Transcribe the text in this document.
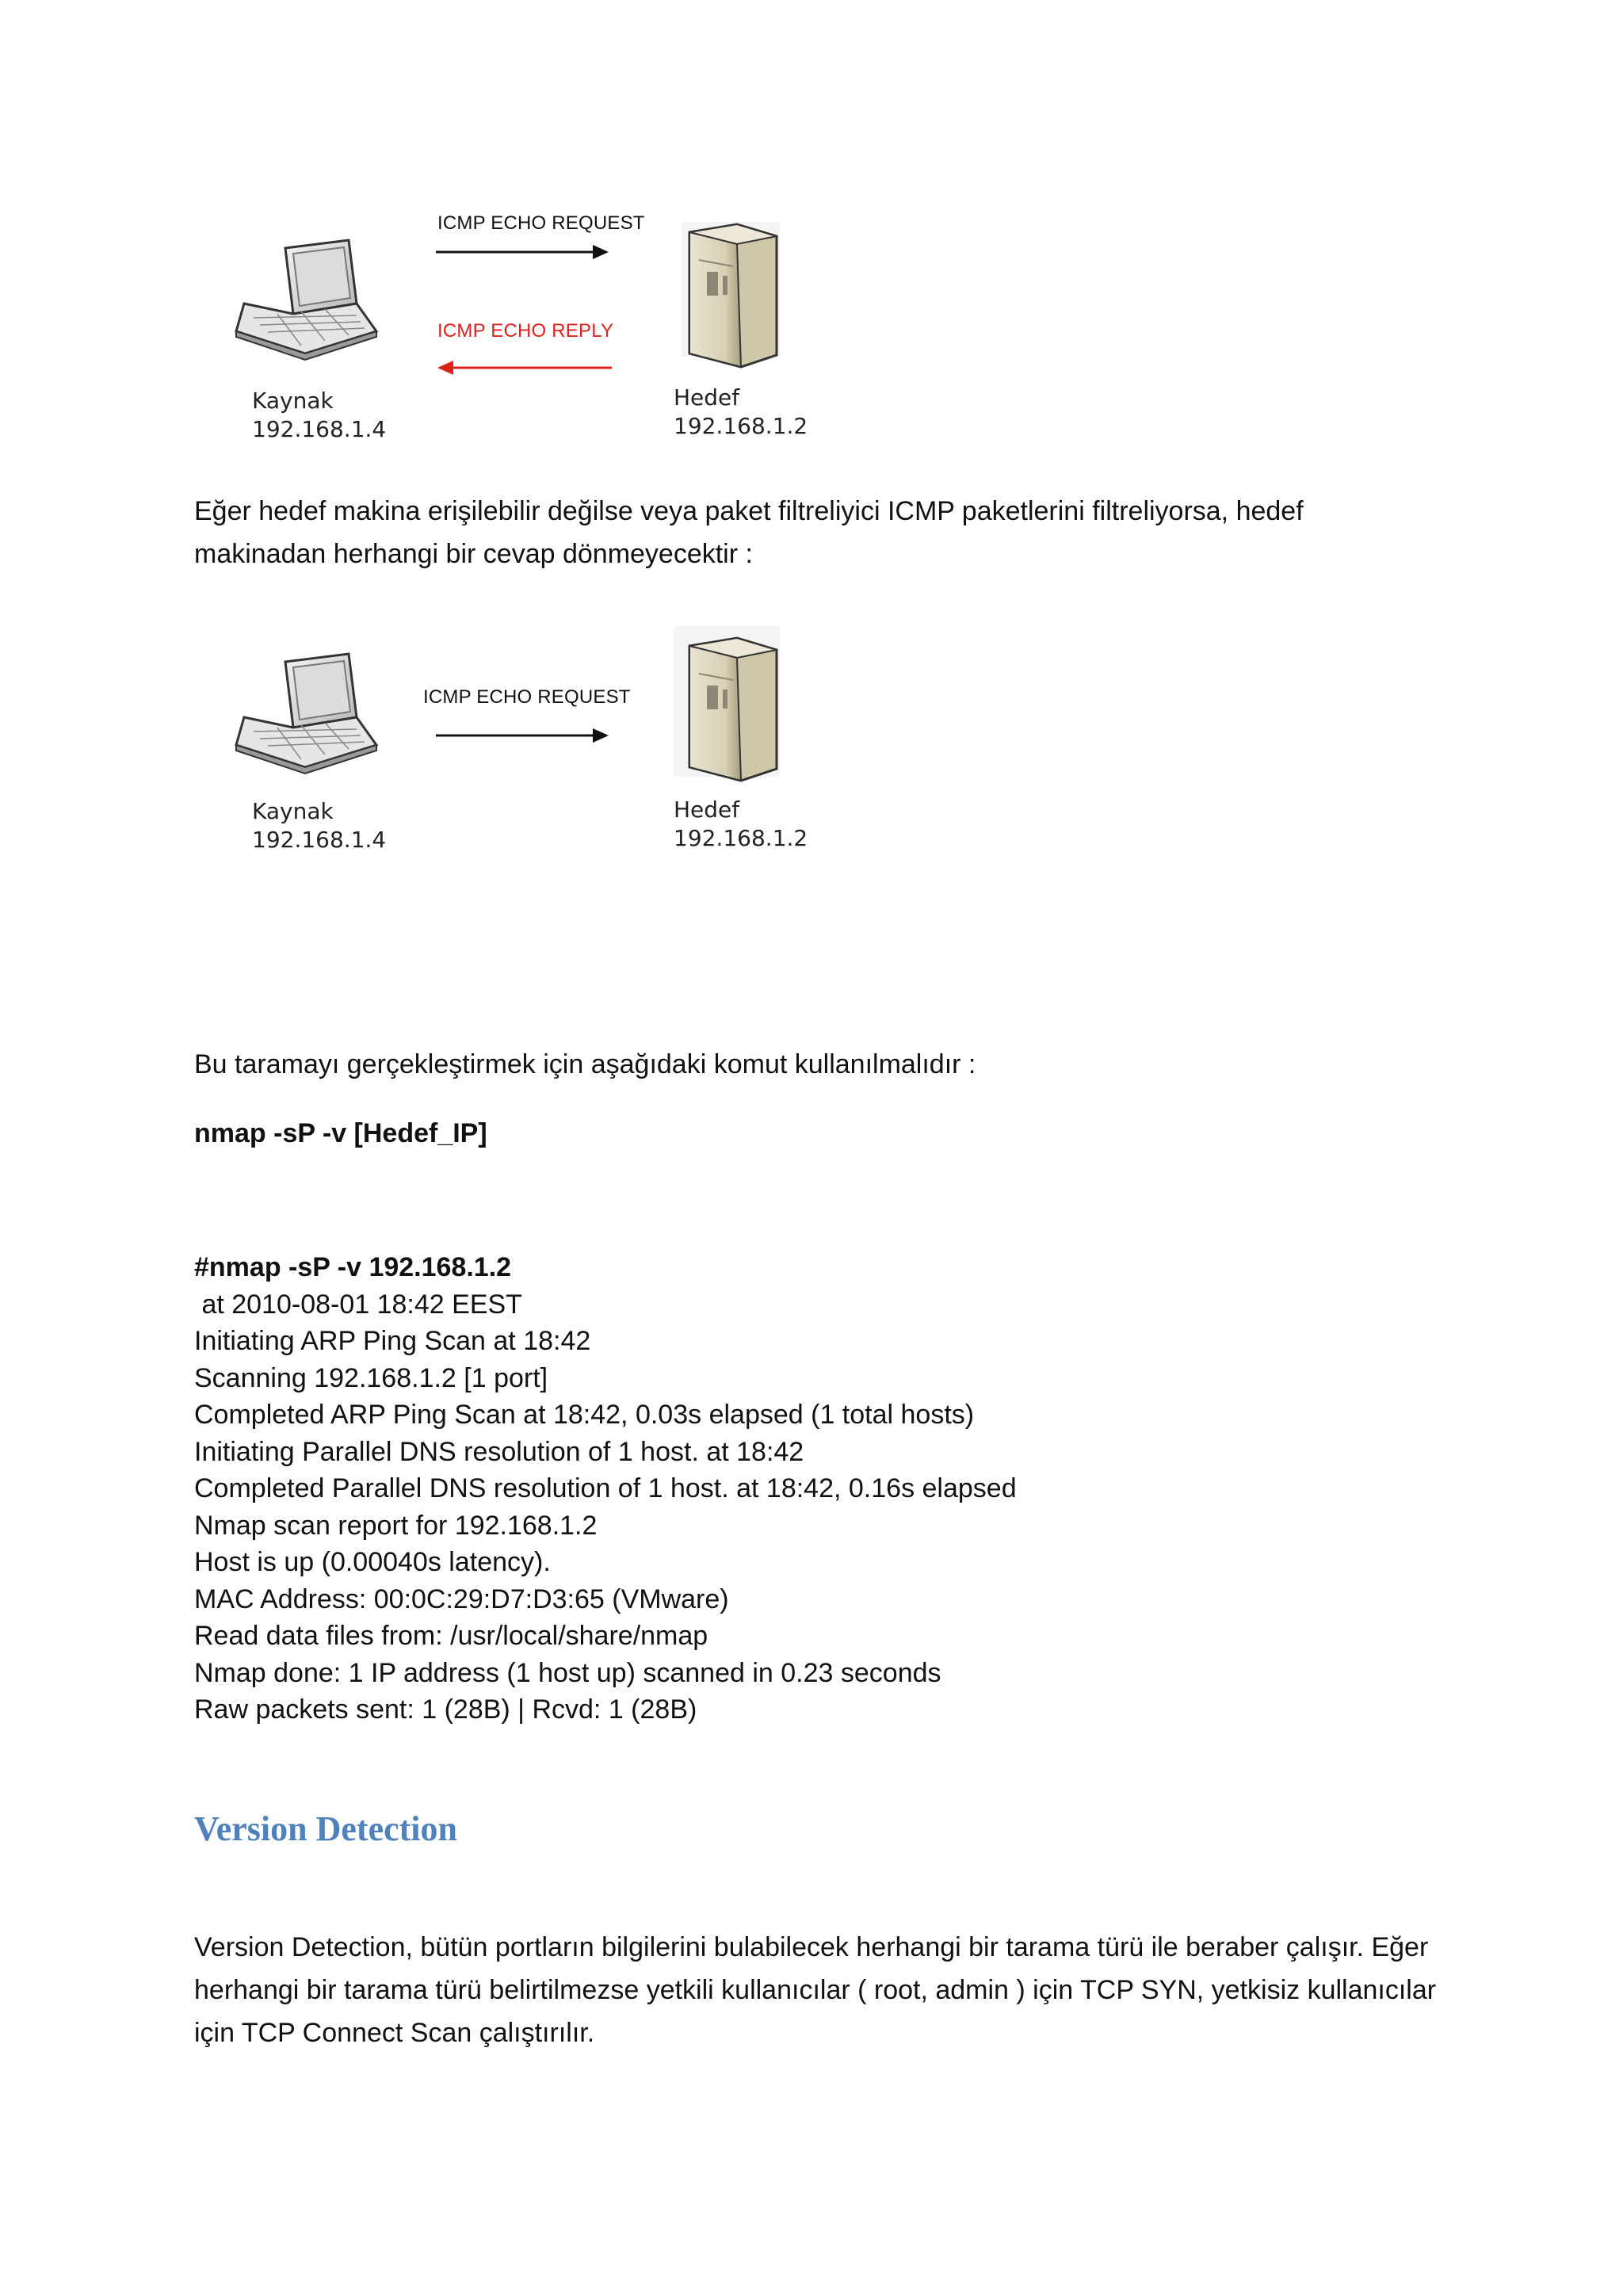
ICMP ECHO REQUEST
ICMP ECHO REPLY
Kaynak
192.168.1.4
Hedef
192.168.1.2

Eğer hedef makina erişilebilir değilse veya paket filtreliyici ICMP paketlerini filtreliyorsa, hedef makinadan herhangi bir cevap dönmeyecektir :

ICMP ECHO REQUEST
Kaynak
192.168.1.4
Hedef
192.168.1.2

Bu taramayı gerçekleştirmek için aşağıdaki komut kullanılmalıdır :

nmap -sP -v [Hedef_IP]

#nmap -sP -v 192.168.1.2
at 2010-08-01 18:42 EEST
Initiating ARP Ping Scan at 18:42
Scanning 192.168.1.2 [1 port]
Completed ARP Ping Scan at 18:42, 0.03s elapsed (1 total hosts)
Initiating Parallel DNS resolution of 1 host. at 18:42
Completed Parallel DNS resolution of 1 host. at 18:42, 0.16s elapsed
Nmap scan report for 192.168.1.2
Host is up (0.00040s latency).
MAC Address: 00:0C:29:D7:D3:65 (VMware)
Read data files from: /usr/local/share/nmap
Nmap done: 1 IP address (1 host up) scanned in 0.23 seconds
Raw packets sent: 1 (28B) | Rcvd: 1 (28B)
Version Detection

Version Detection, bütün portların bilgilerini bulabilecek herhangi bir tarama türü ile beraber çalışır. Eğer herhangi bir tarama türü belirtilmezse yetkili kullanıcılar ( root, admin ) için TCP SYN, yetkisiz kullanıcılar için TCP Connect Scan çalıştırılır.
